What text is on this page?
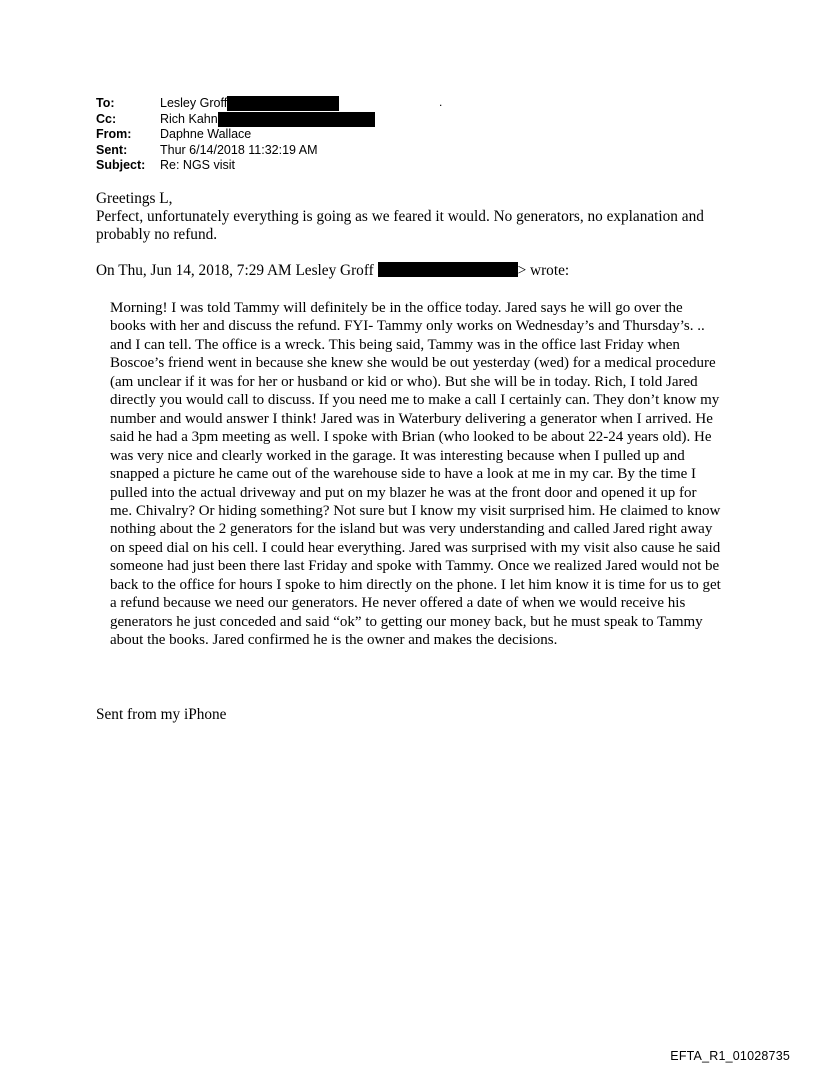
To:	Lesley Groff
Cc:	Rich Kahn
From:	Daphne Wallace
Sent:	Thur 6/14/2018 11:32:19 AM
Subject:	Re: NGS visit
.
Greetings L,
Perfect, unfortunately everything is going as we feared it would. No generators, no explanation and probably no refund.
On Thu, Jun 14, 2018, 7:29 AM Lesley Groff	> wrote:
Morning! I was told Tammy will definitely be in the office today. Jared says he will go over the books with her and discuss the refund. FYI- Tammy only works on Wednesday’s and Thursday’s. .. and I can tell. The office is a wreck. This being said, Tammy was in the office last Friday when Boscoe’s friend went in because she knew she would be out yesterday (wed) for a medical procedure (am unclear if it was for her or husband or kid or who). But she will be in today. Rich, I told Jared directly you would call to discuss. If you need me to make a call I certainly can. They don’t know my number and would answer I think! Jared was in Waterbury delivering a generator when I arrived. He said he had a 3pm meeting as well. I spoke with Brian (who looked to be about 22-24 years old). He was very nice and clearly worked in the garage. It was interesting because when I pulled up and snapped a picture he came out of the warehouse side to have a look at me in my car. By the time I pulled into the actual driveway and put on my blazer he was at the front door and opened it up for me. Chivalry? Or hiding something? Not sure but I know my visit surprised him. He claimed to know nothing about the 2 generators for the island but was very understanding and called Jared right away on speed dial on his cell. I could hear everything. Jared was surprised with my visit also cause he said someone had just been there last Friday and spoke with Tammy. Once we realized Jared would not be back to the office for hours I spoke to him directly on the phone. I let him know it is time for us to get a refund because we need our generators. He never offered a date of when we would receive his generators he just conceded and said “ok” to getting our money back, but he must speak to Tammy about the books. Jared confirmed he is the owner and makes the decisions.
Sent from my iPhone
EFTA_R1_01028735
